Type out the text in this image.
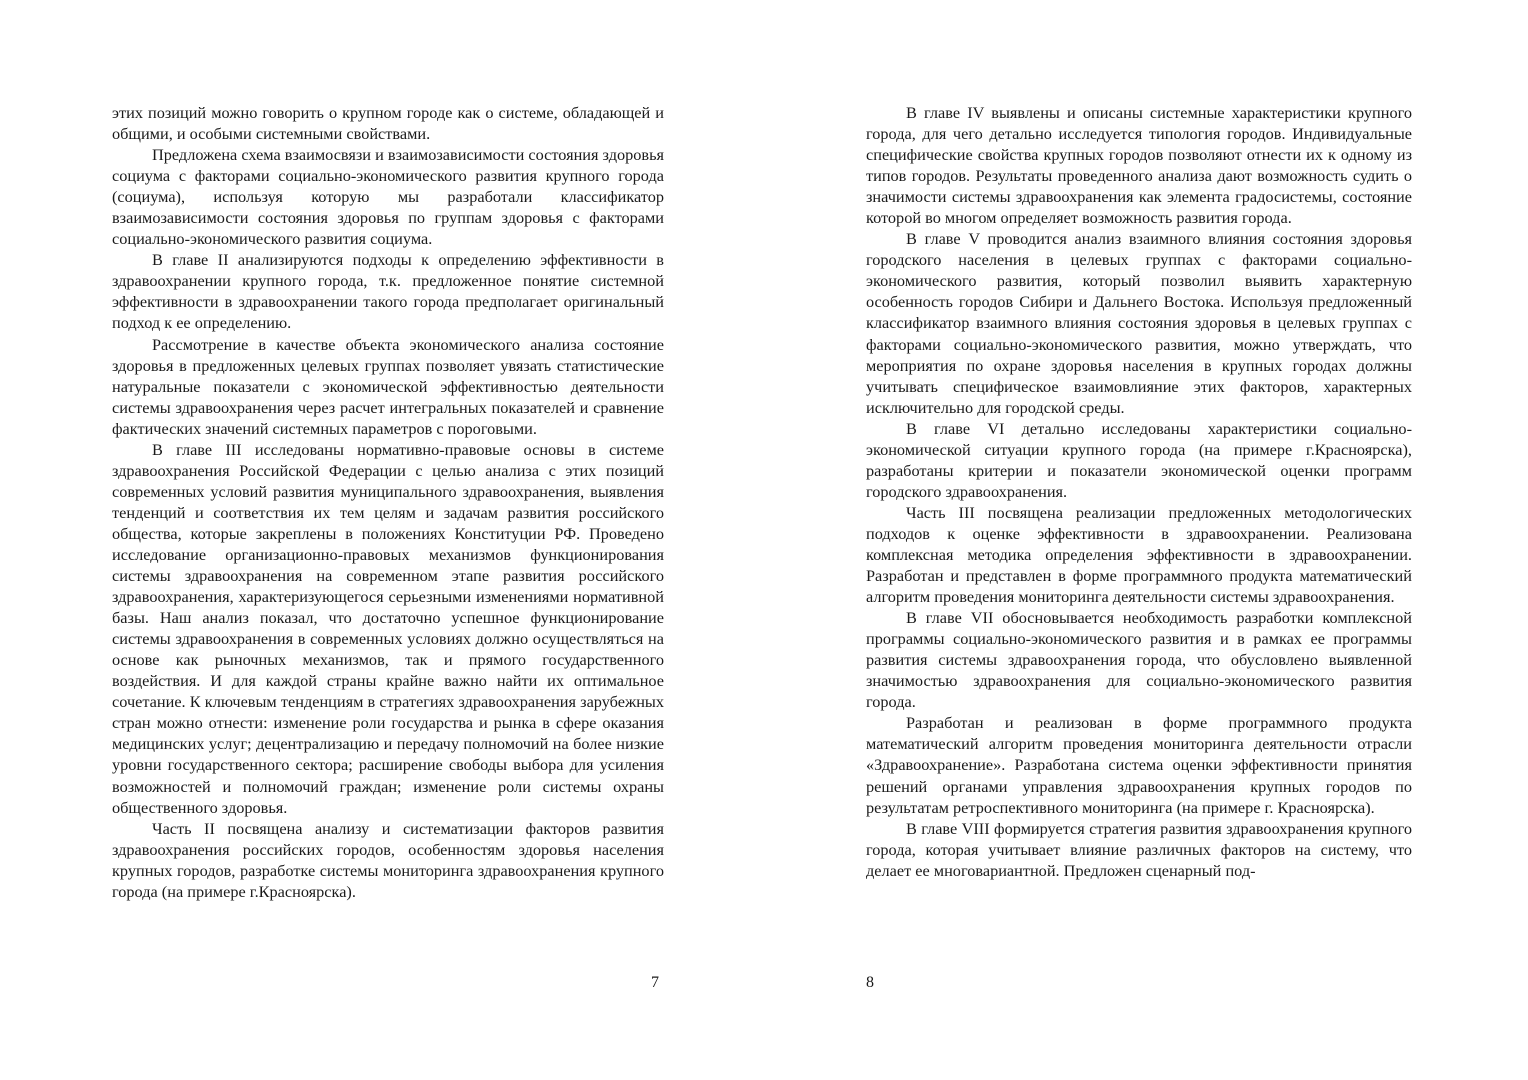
этих позиций можно говорить о крупном городе как о системе, обладающей и общими, и особыми системными свойствами.

Предложена схема взаимосвязи и взаимозависимости состояния здоровья социума с факторами социально-экономического развития крупного города (социума), используя которую мы разработали классификатор взаимозависимости состояния здоровья по группам здоровья с факторами социально-экономического развития социума.

В главе II анализируются подходы к определению эффективности в здравоохранении крупного города, т.к. предложенное понятие системной эффективности в здравоохранении такого города предполагает оригинальный подход к ее определению.

Рассмотрение в качестве объекта экономического анализа состояние здоровья в предложенных целевых группах позволяет увязать статистические натуральные показатели с экономической эффективностью деятельности системы здравоохранения через расчет интегральных показателей и сравнение фактических значений системных параметров с пороговыми.

В главе III исследованы нормативно-правовые основы в системе здравоохранения Российской Федерации с целью анализа с этих позиций современных условий развития муниципального здравоохранения, выявления тенденций и соответствия их тем целям и задачам развития российского общества, которые закреплены в положениях Конституции РФ. Проведено исследование организационно-правовых механизмов функционирования системы здравоохранения на современном этапе развития российского здравоохранения, характеризующегося серьезными изменениями нормативной базы. Наш анализ показал, что достаточно успешное функционирование системы здравоохранения в современных условиях должно осуществляться на основе как рыночных механизмов, так и прямого государственного воздействия. И для каждой страны крайне важно найти их оптимальное сочетание. К ключевым тенденциям в стратегиях здравоохранения зарубежных стран можно отнести: изменение роли государства и рынка в сфере оказания медицинских услуг; децентрализацию и передачу полномочий на более низкие уровни государственного сектора; расширение свободы выбора для усиления возможностей и полномочий граждан; изменение роли системы охраны общественного здоровья.

Часть II посвящена анализу и систематизации факторов развития здравоохранения российских городов, особенностям здоровья населения крупных городов, разработке системы мониторинга здравоохранения крупного города (на примере г.Красноярска).

7

В главе IV выявлены и описаны системные характеристики крупного города, для чего детально исследуется типология городов. Индивидуальные специфические свойства крупных городов позволяют отнести их к одному из типов городов. Результаты проведенного анализа дают возможность судить о значимости системы здравоохранения как элемента градосистемы, состояние которой во многом определяет возможность развития города.

В главе V проводится анализ взаимного влияния состояния здоровья городского населения в целевых группах с факторами социально-экономического развития, который позволил выявить характерную особенность городов Сибири и Дальнего Востока. Используя предложенный классификатор взаимного влияния состояния здоровья в целевых группах с факторами социально-экономического развития, можно утверждать, что мероприятия по охране здоровья населения в крупных городах должны учитывать специфическое взаимовлияние этих факторов, характерных исключительно для городской среды.

В главе VI детально исследованы характеристики социально-экономической ситуации крупного города (на примере г.Красноярска), разработаны критерии и показатели экономической оценки программ городского здравоохранения.

Часть III посвящена реализации предложенных методологических подходов к оценке эффективности в здравоохранении. Реализована комплексная методика определения эффективности в здравоохранении. Разработан и представлен в форме программного продукта математический алгоритм проведения мониторинга деятельности системы здравоохранения.

В главе VII обосновывается необходимость разработки комплексной программы социально-экономического развития и в рамках ее программы развития системы здравоохранения города, что обусловлено выявленной значимостью здравоохранения для социально-экономического развития города.

Разработан и реализован в форме программного продукта математический алгоритм проведения мониторинга деятельности отрасли «Здравоохранение». Разработана система оценки эффективности принятия решений органами управления здравоохранения крупных городов по результатам ретроспективного мониторинга (на примере г. Красноярска).

В главе VIII формируется стратегия развития здравоохранения крупного города, которая учитывает влияние различных факторов на систему, что делает ее многовариантной. Предложен сценарный под-

8
